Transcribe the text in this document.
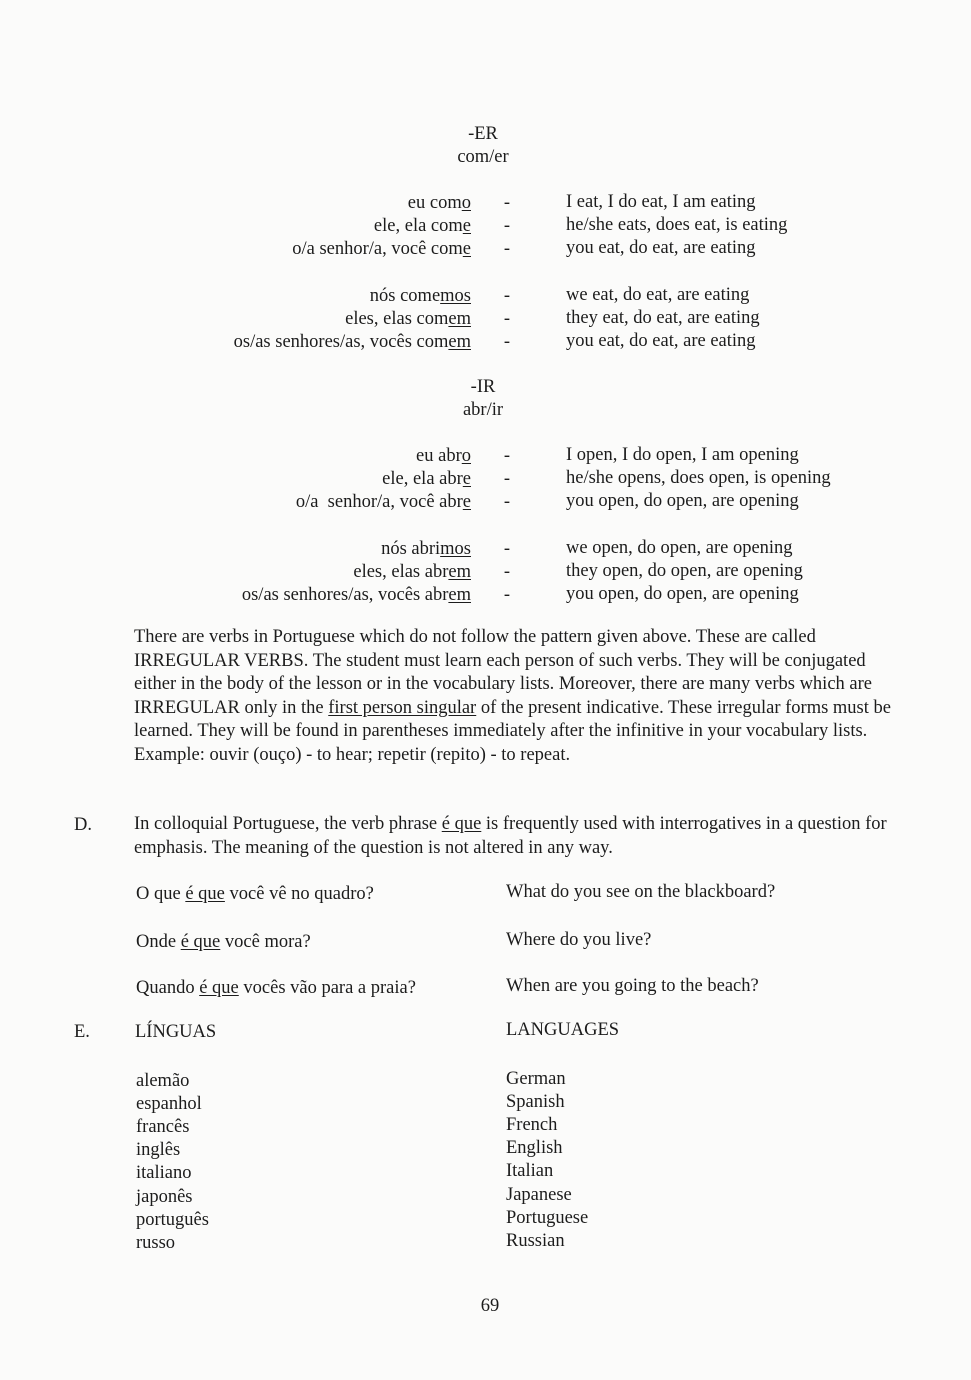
-ER
com/er
eu como	-	I eat, I do eat, I am eating
ele, ela come	-	he/she eats, does eat, is eating
o/a senhor/a, você come	-	you eat, do eat, are eating
nós comemos	-	we eat, do eat, are eating
eles, elas comem	-	they eat, do eat, are eating
os/as senhores/as, vocês comem	-	you eat, do eat, are eating
-IR
abr/ir
eu abro	-	I open, I do open, I am opening
ele, ela abre	-	he/she opens, does open, is opening
o/a  senhor/a, você abre	-	you open, do open, are opening
nós abrimos	-	we open, do open, are opening
eles, elas abrem	-	they open, do open, are opening
os/as senhores/as, vocês abrem	-	you open, do open, are opening
There are verbs in Portuguese which do not follow the pattern given above. These are called IRREGULAR VERBS. The student must learn each person of such verbs. They will be conjugated either in the body of the lesson or in the vocabulary lists. Moreover, there are many verbs which are IRREGULAR only in the first person singular of the present indicative. These irregular forms must be learned. They will be found in parentheses immediately after the infinitive in your vocabulary lists. Example: ouvir (ouço) - to hear; repetir (repito) - to repeat.
D. In colloquial Portuguese, the verb phrase é que is frequently used with interrogatives in a question for emphasis. The meaning of the question is not altered in any way.
O que é que você vê no quadro?	What do you see on the blackboard?
Onde é que você mora?	Where do you live?
Quando é que vocês vão para a praia?	When are you going to the beach?
E. LÍNGUAS	LANGUAGES
alemão	German
espanhol	Spanish
francês	French
inglês	English
italiano	Italian
japonês	Japanese
português	Portuguese
russo	Russian
69
